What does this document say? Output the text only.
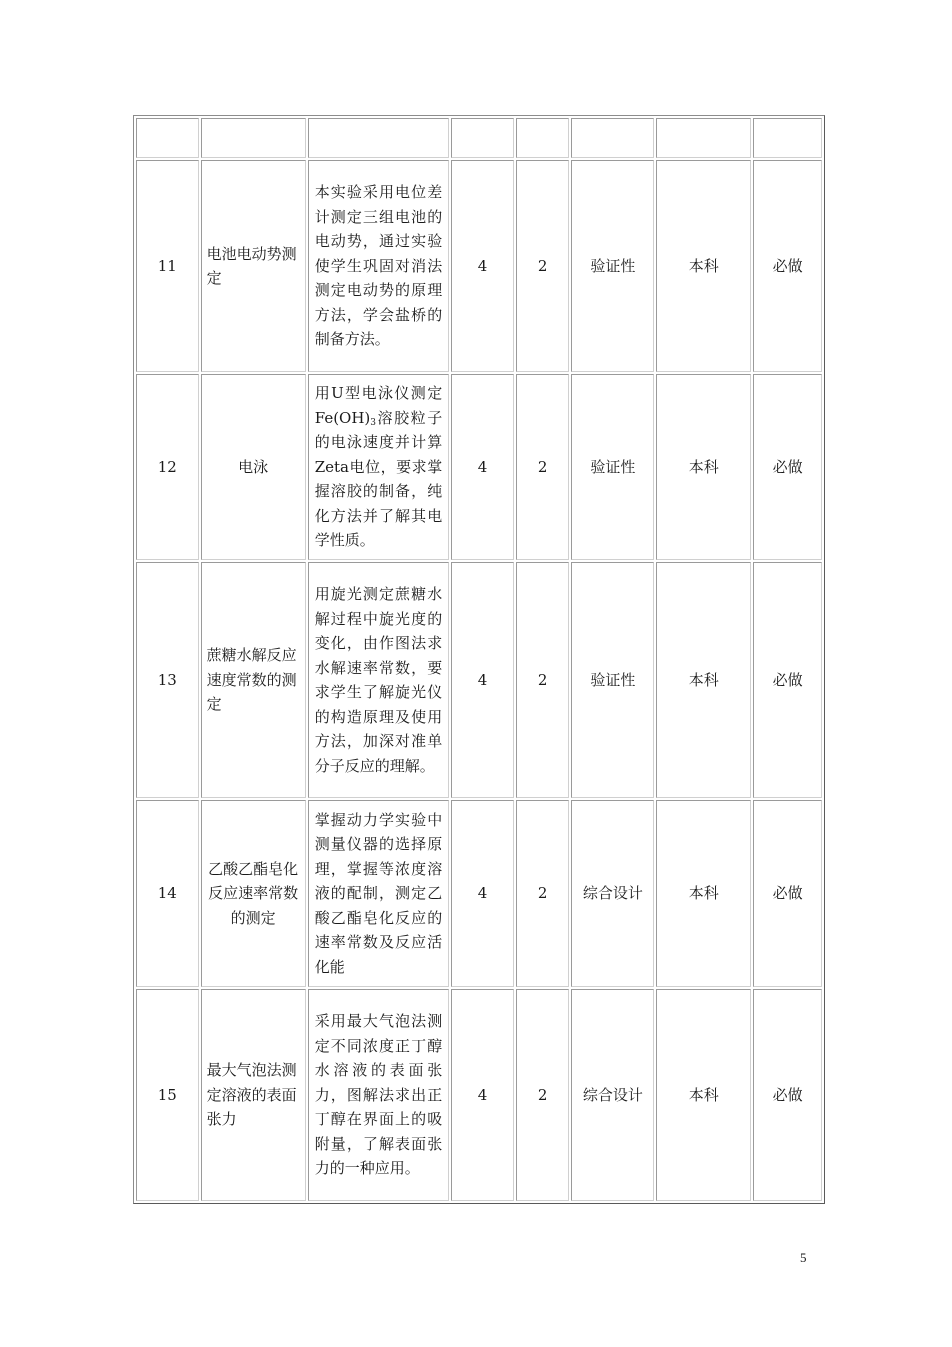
11	电池电动势测定	本实验采用电位差计测定三组电池的电动势，通过实验使学生巩固对消法测定电动势的原理方法，学会盐桥的制备方法。	4	2	验证性	本科	必做
12	电泳	用U型电泳仪测定$Fe(OH)_3$溶胶粒子的电泳速度并计算Zeta电位，要求掌握溶胶的制备，纯化方法并了解其电学性质。	4	2	验证性	本科	必做
13	蔗糖水解反应速度常数的测定	用旋光测定蔗糖水解过程中旋光度的变化，由作图法求水解速率常数，要求学生了解旋光仪的构造原理及使用方法，加深对准单分子反应的理解。	4	2	验证性	本科	必做
14	乙酸乙酯皂化反应速率常数的测定	掌握动力学实验中测量仪器的选择原理，掌握等浓度溶液的配制，测定乙酸乙酯皂化反应的速率常数及反应活化能	4	2	综合设计	本科	必做
15	最大气泡法测定溶液的表面张力	采用最大气泡法测定不同浓度正丁醇水溶液的表面张力，图解法求出正丁醇在界面上的吸附量，了解表面张力的一种应用。	4	2	综合设计	本科	必做
5
